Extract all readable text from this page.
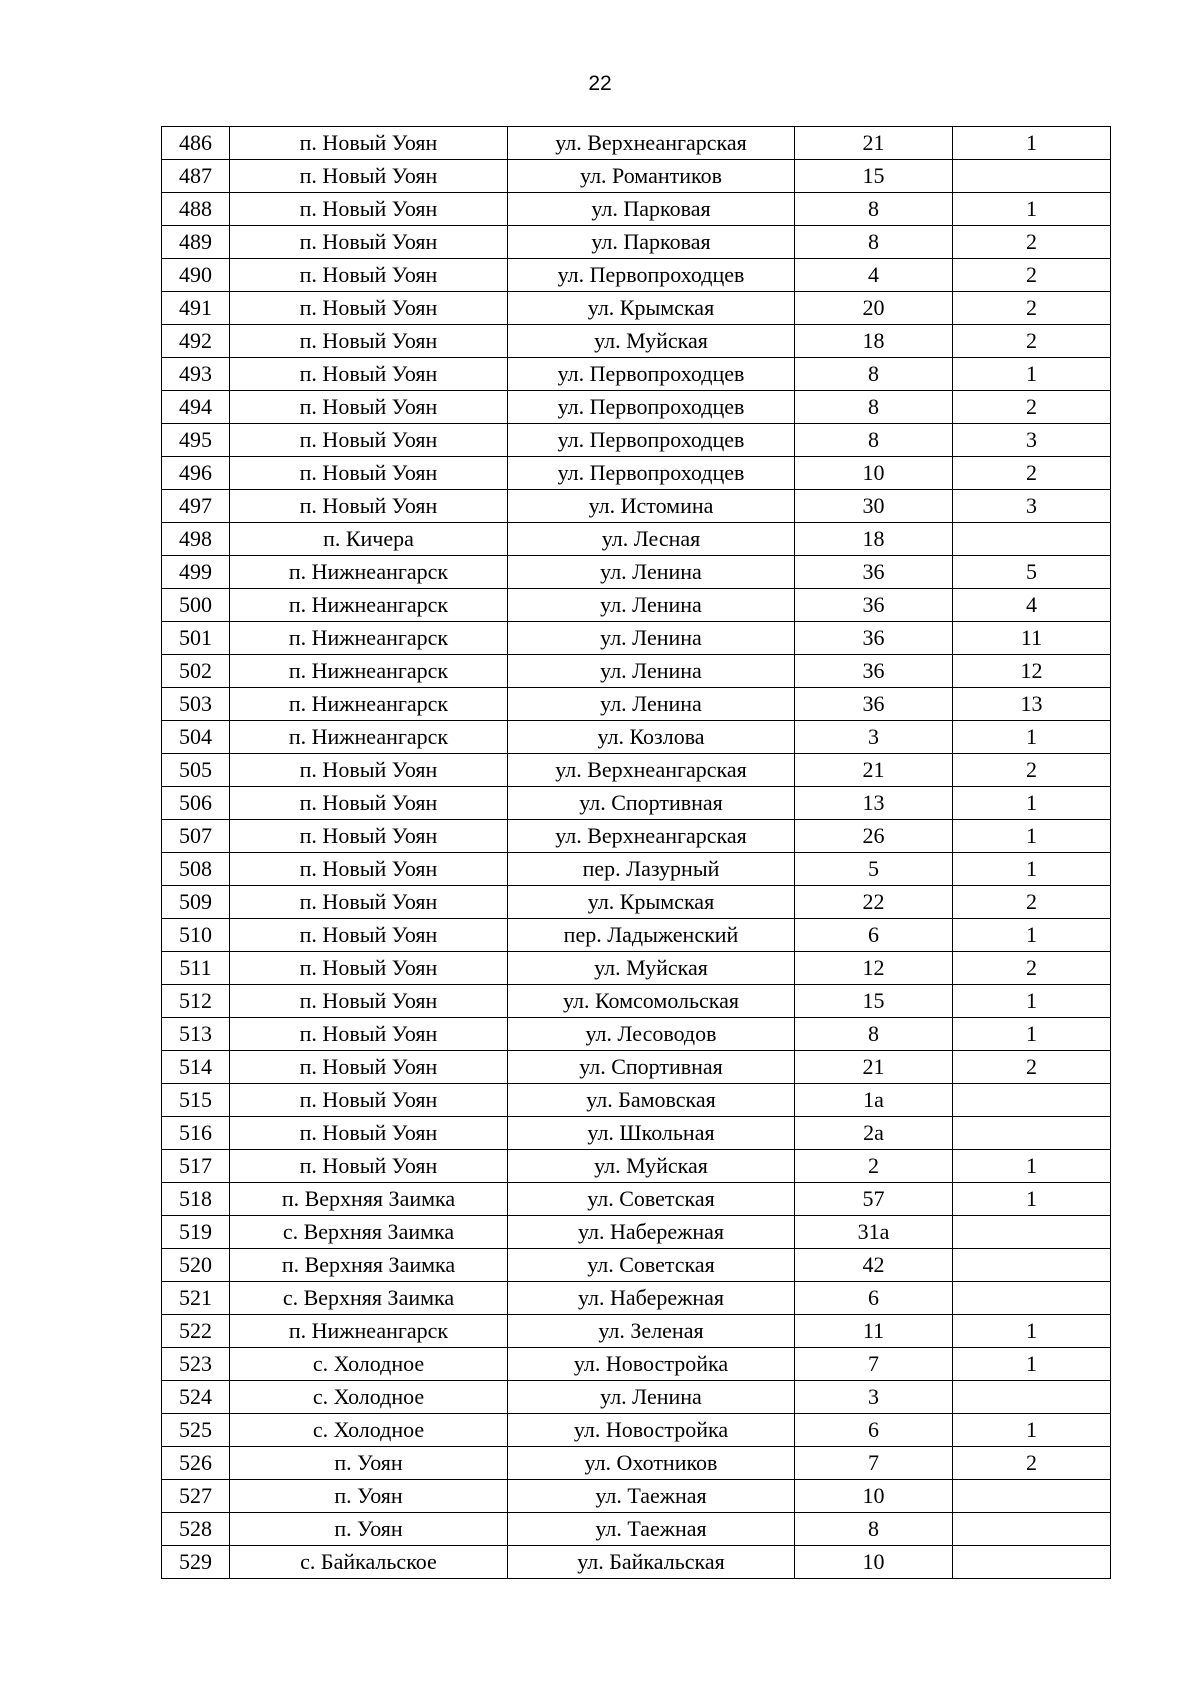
22
486	п. Новый Уоян	ул. Верхнеангарская	21	1
487	п. Новый Уоян	ул. Романтиков	15	
488	п. Новый Уоян	ул. Парковая	8	1
489	п. Новый Уоян	ул. Парковая	8	2
490	п. Новый Уоян	ул. Первопроходцев	4	2
491	п. Новый Уоян	ул. Крымская	20	2
492	п. Новый Уоян	ул. Муйская	18	2
493	п. Новый Уоян	ул. Первопроходцев	8	1
494	п. Новый Уоян	ул. Первопроходцев	8	2
495	п. Новый Уоян	ул. Первопроходцев	8	3
496	п. Новый Уоян	ул. Первопроходцев	10	2
497	п. Новый Уоян	ул. Истомина	30	3
498	п. Кичера	ул. Лесная	18	
499	п. Нижнеангарск	ул. Ленина	36	5
500	п. Нижнеангарск	ул. Ленина	36	4
501	п. Нижнеангарск	ул. Ленина	36	11
502	п. Нижнеангарск	ул. Ленина	36	12
503	п. Нижнеангарск	ул. Ленина	36	13
504	п. Нижнеангарск	ул. Козлова	3	1
505	п. Новый Уоян	ул. Верхнеангарская	21	2
506	п. Новый Уоян	ул. Спортивная	13	1
507	п. Новый Уоян	ул. Верхнеангарская	26	1
508	п. Новый Уоян	пер. Лазурный	5	1
509	п. Новый Уоян	ул. Крымская	22	2
510	п. Новый Уоян	пер. Ладыженский	6	1
511	п. Новый Уоян	ул. Муйская	12	2
512	п. Новый Уоян	ул. Комсомольская	15	1
513	п. Новый Уоян	ул. Лесоводов	8	1
514	п. Новый Уоян	ул. Спортивная	21	2
515	п. Новый Уоян	ул. Бамовская	1а	
516	п. Новый Уоян	ул. Школьная	2а	
517	п. Новый Уоян	ул. Муйская	2	1
518	п. Верхняя Заимка	ул. Советская	57	1
519	с. Верхняя Заимка	ул. Набережная	31а	
520	п. Верхняя Заимка	ул. Советская	42	
521	с. Верхняя Заимка	ул. Набережная	6	
522	п. Нижнеангарск	ул. Зеленая	11	1
523	с. Холодное	ул. Новостройка	7	1
524	с. Холодное	ул. Ленина	3	
525	с. Холодное	ул. Новостройка	6	1
526	п. Уоян	ул. Охотников	7	2
527	п. Уоян	ул. Таежная	10	
528	п. Уоян	ул. Таежная	8	
529	с. Байкальское	ул. Байкальская	10	
